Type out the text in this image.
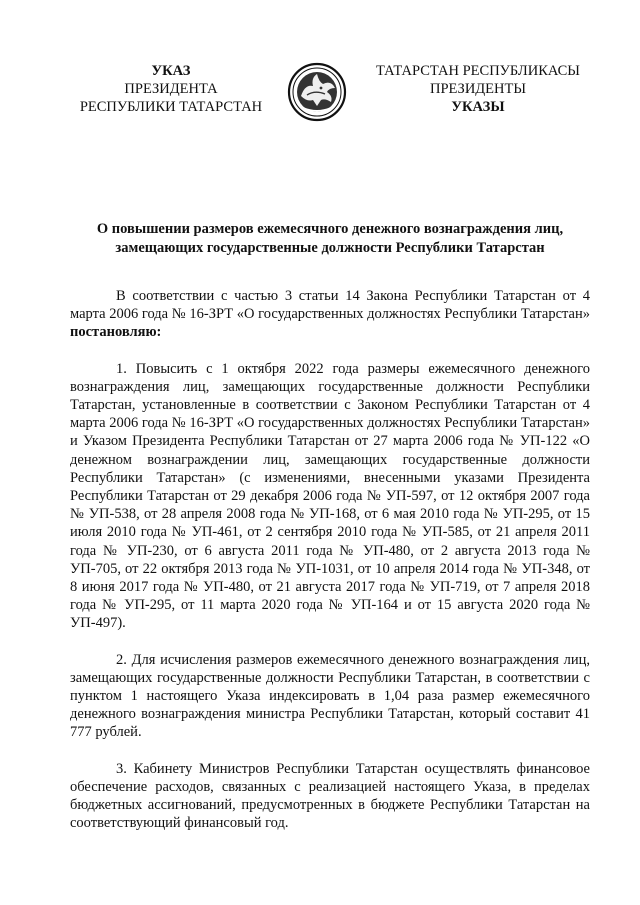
УКАЗ
ПРЕЗИДЕНТА
РЕСПУБЛИКИ ТАТАРСТАН
ТАТАРСТАН РЕСПУБЛИКАСЫ
ПРЕЗИДЕНТЫ
УКАЗЫ
О повышении размеров ежемесячного денежного вознаграждения лиц,
замещающих государственные должности Республики Татарстан

В соответствии с частью 3 статьи 14 Закона Республики Татарстан от 4 марта 2006 года № 16-ЗРТ «О государственных должностях Республики Татарстан» постановляю:

1. Повысить с 1 октября 2022 года размеры ежемесячного денежного вознаграждения лиц, замещающих государственные должности Республики Татарстан, установленные в соответствии с Законом Республики Татарстан от 4 марта 2006 года № 16-ЗРТ «О государственных должностях Республики Татарстан» и Указом Президента Республики Татарстан от 27 марта 2006 года № УП-122 «О денежном вознаграждении лиц, замещающих государственные должности Республики Татарстан» (с изменениями, внесенными указами Президента Республики Татарстан от 29 декабря 2006 года № УП-597, от 12 октября 2007 года № УП-538, от 28 апреля 2008 года № УП-168, от 6 мая 2010 года № УП-295, от 15 июля 2010 года № УП-461, от 2 сентября 2010 года № УП-585, от 21 апреля 2011 года № УП-230, от 6 августа 2011 года № УП-480, от 2 августа 2013 года № УП-705, от 22 октября 2013 года № УП-1031, от 10 апреля 2014 года № УП-348, от 8 июня 2017 года № УП-480, от 21 августа 2017 года № УП-719, от 7 апреля 2018 года № УП-295, от 11 марта 2020 года № УП-164 и от 15 августа 2020 года № УП-497).

2. Для исчисления размеров ежемесячного денежного вознаграждения лиц, замещающих государственные должности Республики Татарстан, в соответствии с пунктом 1 настоящего Указа индексировать в 1,04 раза размер ежемесячного денежного вознаграждения министра Республики Татарстан, который составит 41 777 рублей.

3. Кабинету Министров Республики Татарстан осуществлять финансовое обеспечение расходов, связанных с реализацией настоящего Указа, в пределах бюджетных ассигнований, предусмотренных в бюджете Республики Татарстан на соответствующий финансовый год.
